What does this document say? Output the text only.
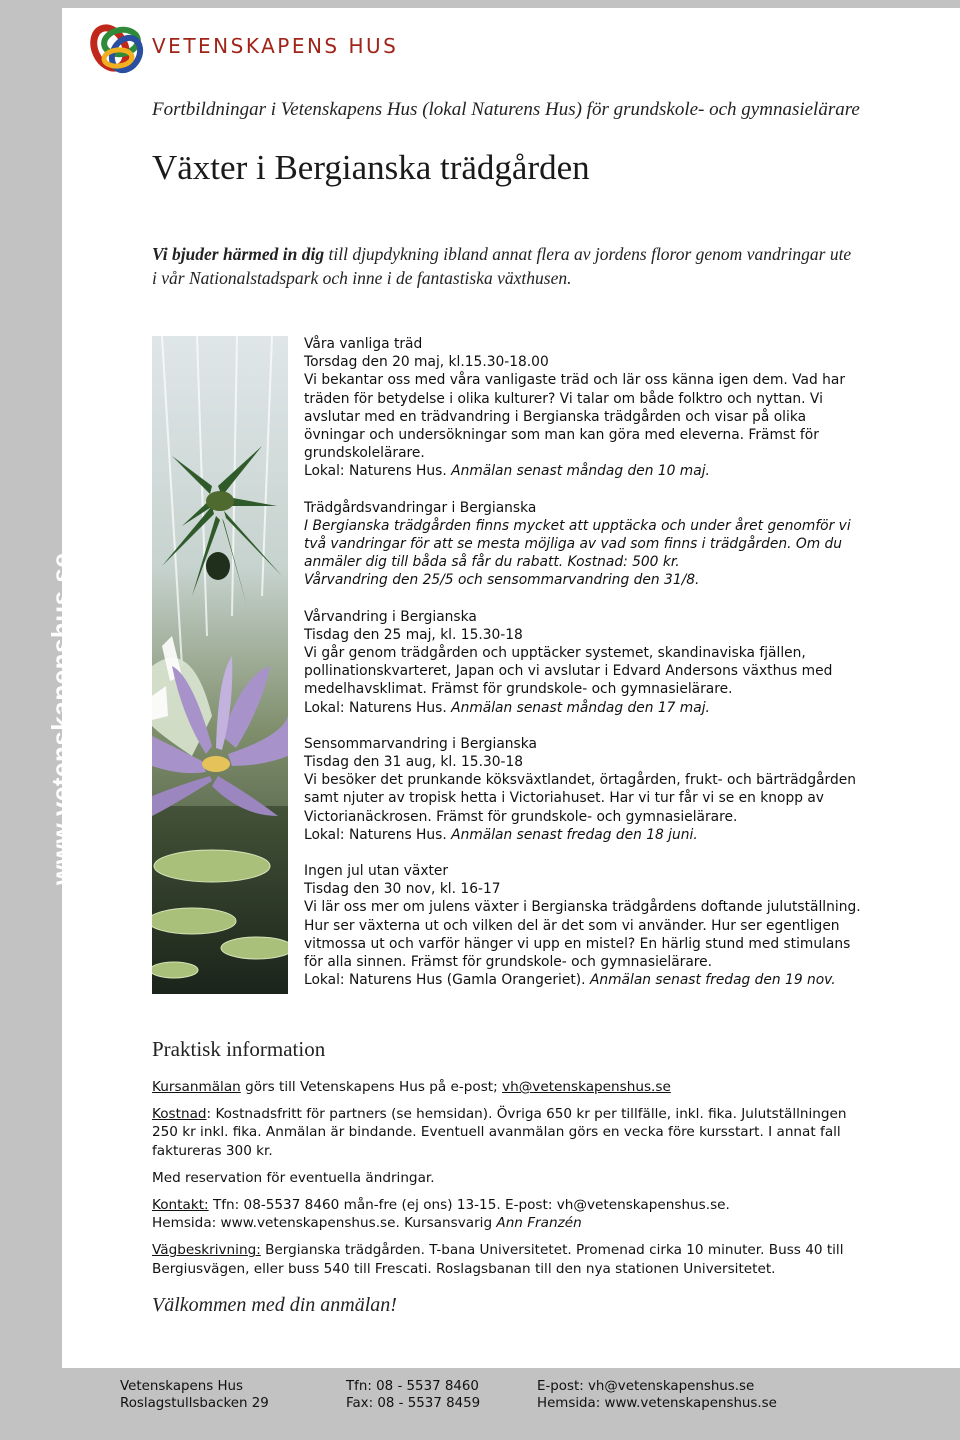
www.vetenskapenshus.se
VETENSKAPENS HUS
Fortbildningar i Vetenskapens Hus (lokal Naturens Hus) för grundskole- och gymnasielärare
Växter i Bergianska trädgården
Vi bjuder härmed in dig till djupdykning ibland annat flera av jordens floror genom vandringar ute i vår Nationalstadspark och inne i de fantastiska växthusen.
Våra vanliga träd
Torsdag den 20 maj, kl.15.30-18.00
Vi bekantar oss med våra vanligaste träd och lär oss känna igen dem. Vad har träden för betydelse i olika kulturer? Vi talar om både folktro och nyttan. Vi avslutar med en trädvandring i Bergianska trädgården och visar på olika övningar och undersökningar som man kan göra med eleverna. Främst för grundskolelärare.
Lokal: Naturens Hus. Anmälan senast måndag den 10 maj.
Trädgårdsvandringar i Bergianska
I Bergianska trädgården finns mycket att upptäcka och under året genomför vi två vandringar för att se mesta möjliga av vad som finns i trädgården. Om du anmäler dig till båda så får du rabatt. Kostnad: 500 kr.
Vårvandring den 25/5 och sensommarvandring den 31/8.
Vårvandring i Bergianska
Tisdag den 25 maj, kl. 15.30-18
Vi går genom trädgården och upptäcker systemet, skandinaviska fjällen, pollinationskvarteret, Japan och vi avslutar i Edvard Andersons växthus med medelhavsklimat. Främst för grundskole- och gymnasielärare.
Lokal: Naturens Hus. Anmälan senast måndag den 17 maj.
Sensommarvandring i Bergianska
Tisdag den 31 aug, kl. 15.30-18
Vi besöker det prunkande köksväxtlandet, örtagården, frukt- och bärträdgården samt njuter av tropisk hetta i Victoriahuset. Har vi tur får vi se en knopp av Victorianäckrosen. Främst för grundskole- och gymnasielärare.
Lokal: Naturens Hus. Anmälan senast fredag den 18 juni.
Ingen jul utan växter
Tisdag den 30 nov, kl. 16-17
Vi lär oss mer om julens växter i Bergianska trädgårdens doftande julutställning. Hur ser växterna ut och vilken del är det som vi använder. Hur ser egentligen vitmossa ut och varför hänger vi upp en mistel? En härlig stund med stimulans för alla sinnen. Främst för grundskole- och gymnasielärare.
Lokal: Naturens Hus (Gamla Orangeriet). Anmälan senast fredag den 19 nov.
Praktisk information

Kursanmälan görs till Vetenskapens Hus på e-post; vh@vetenskapenshus.se

Kostnad: Kostnadsfritt för partners (se hemsidan). Övriga 650 kr per tillfälle, inkl. fika. Julutställningen 250 kr inkl. fika. Anmälan är bindande. Eventuell avanmälan görs en vecka före kursstart. I annat fall faktureras 300 kr.

Med reservation för eventuella ändringar.

Kontakt: Tfn: 08-5537 8460 mån-fre (ej ons) 13-15. E-post: vh@vetenskapenshus.se.
Hemsida: www.vetenskapenshus.se. Kursansvarig Ann Franzén

Vägbeskrivning: Bergianska trädgården. T-bana Universitetet. Promenad cirka 10 minuter. Buss 40 till Bergiusvägen, eller buss 540 till Frescati. Roslagsbanan till den nya stationen Universitetet.

Välkommen med din anmälan!
Vetenskapens Hus
Roslagstullsbacken 29
Tfn: 08 - 5537 8460
Fax: 08 - 5537 8459
E-post: vh@vetenskapenshus.se
Hemsida: www.vetenskapenshus.se
